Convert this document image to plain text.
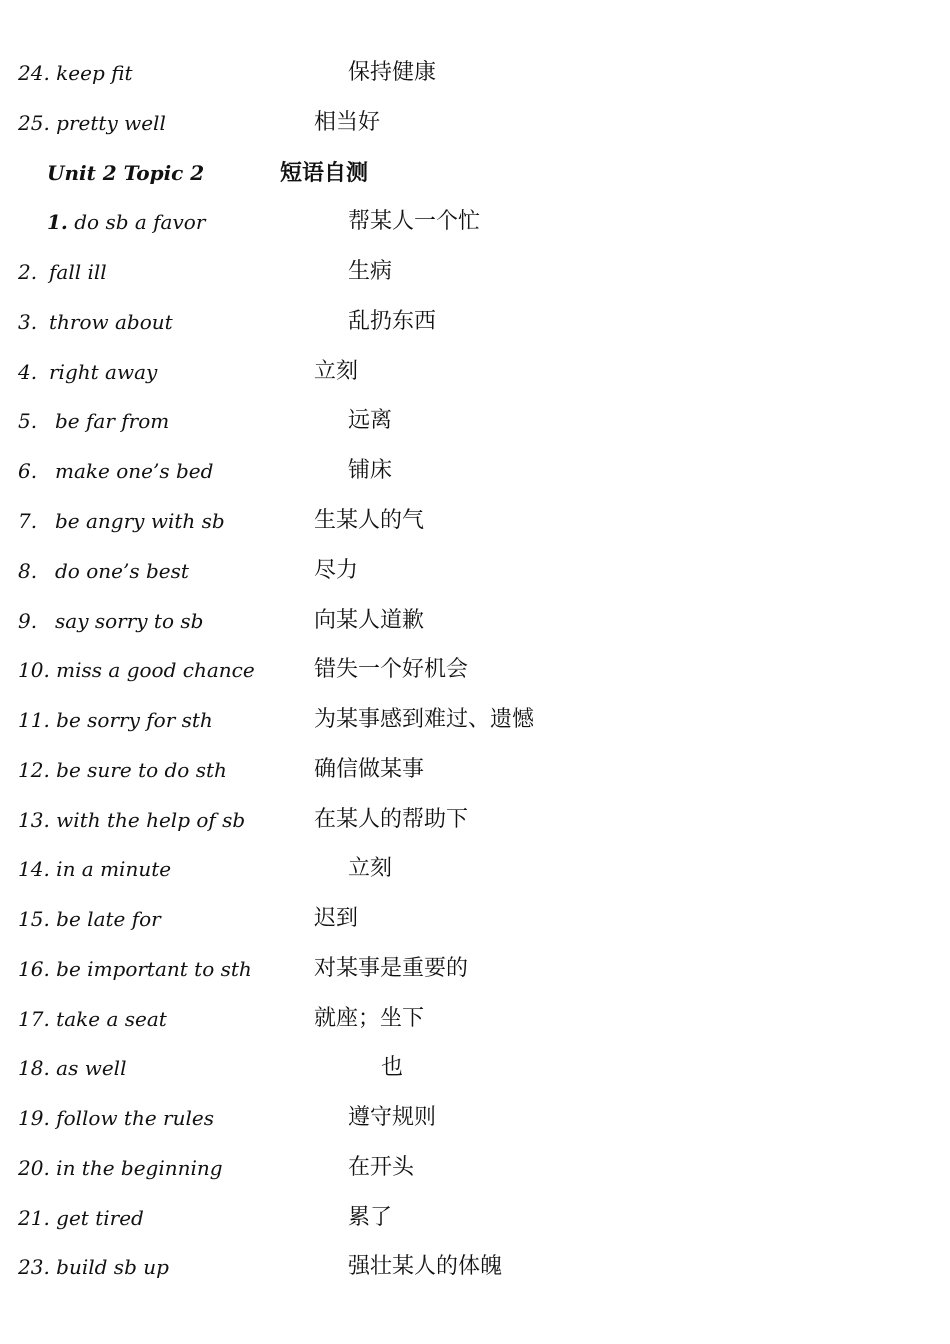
24. keep fit	保持健康
25. pretty well	相当好
Unit 2 Topic 2	短语自测
1. do sb a favor	帮某人一个忙
2. fall ill	生病
3. throw about	乱扔东西
4. right away	立刻
5. be far from	远离
6. make one’s bed	铺床
7. be angry with sb	生某人的气
8. do one’s best	尽力
9. say sorry to sb	向某人道歉
10. miss a good chance	错失一个好机会
11. be sorry for sth	为某事感到难过、遗憾
12. be sure to do sth	确信做某事
13. with the help of sb	在某人的帮助下
14. in a minute	立刻
15. be late for	迟到
16. be important to sth	对某事是重要的
17. take a seat	就座；坐下
18. as well	也
19. follow the rules	遵守规则
20. in the beginning	在开头
21. get tired	累了
23. build sb up	强壮某人的体魄
